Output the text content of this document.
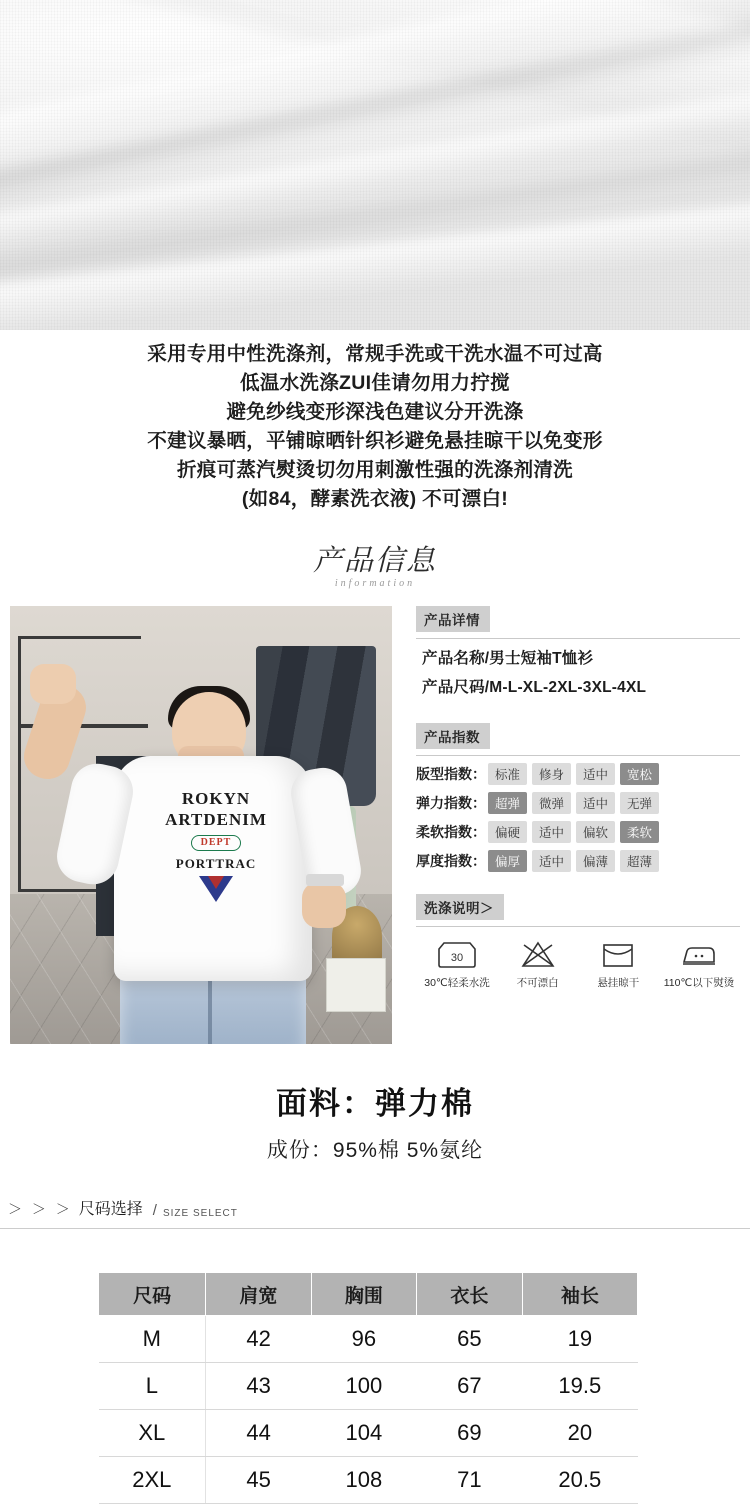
采用专用中性洗涤剂，常规手洗或干洗水温不可过高
低温水洗涤ZUI佳请勿用力拧搅
避免纱线变形深浅色建议分开洗涤
不建议暴晒，平铺晾晒针织衫避免悬挂晾干以免变形
折痕可蒸汽熨烫切勿用刺激性强的洗涤剂清洗
(如84，酵素洗衣液) 不可漂白!
产品信息
information
ROKYN
ARTDENIM
DEPT
PORTTRAC
产品详情
产品名称/男士短袖T恤衫
产品尺码/M-L-XL-2XL-3XL-4XL
产品指数
版型指数： 标准	修身	适中	宽松
弹力指数： 超弹	微弹	适中	无弹
柔软指数： 偏硬	适中	偏软	柔软
厚度指数： 偏厚	适中	偏薄	超薄
洗涤说明＞
30
30℃轻柔水洗	不可漂白	悬挂晾干	110℃以下熨烫
面料：弹力棉
成份：95%棉 5%氨纶
＞ ＞ ＞ 尺码选择 / SIZE SELECT
尺码	肩宽	胸围	衣长	袖长
M	42	96	65	19
L	43	100	67	19.5
XL	44	104	69	20
2XL	45	108	71	20.5
